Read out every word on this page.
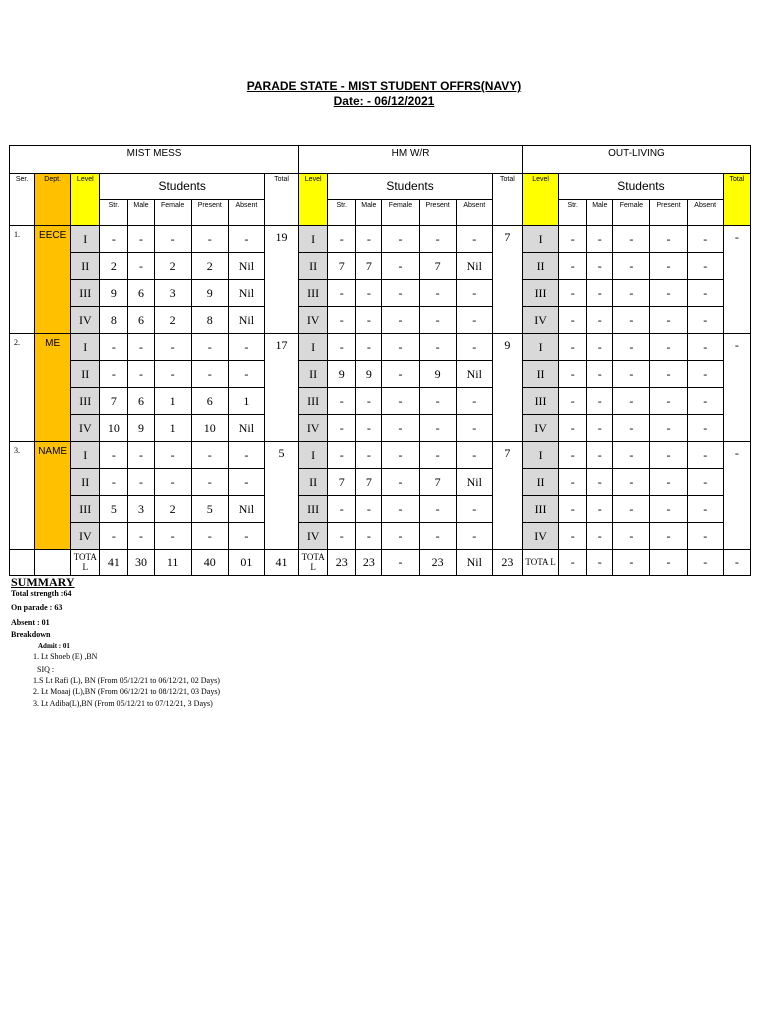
PARADE STATE - MIST STUDENT OFFRS(NAVY)
Date: - 06/12/2021
MIST MESS									HM W/R							OUT-LIVING						
Ser.	Dept.	Level	Students					Total	Level	Students					Total	Level	Students					Total
			Str.	Male	Female	Present	Absent			Str.	Male	Female	Present	Absent			Str.	Male	Female	Present	Absent	
1.	EECE	I	-	-	-	-	-	19	I	-	-	-	-	-	7	I	-	-	-	-	-	-
		II	2	-	2	2	Nil		II	7	7	-	7	Nil		II	-	-	-	-	-	
		III	9	6	3	9	Nil		III	-	-	-	-	-		III	-	-	-	-	-	
		IV	8	6	2	8	Nil		IV	-	-	-	-	-		IV	-	-	-	-	-	
2.	ME	I	-	-	-	-	-	17	I	-	-	-	-	-	9	I	-	-	-	-	-	-
		II	-	-	-	-	-		II	9	9	-	9	Nil		II	-	-	-	-	-	
		III	7	6	1	6	1		III	-	-	-	-	-		III	-	-	-	-	-	
		IV	10	9	1	10	Nil		IV	-	-	-	-	-		IV	-	-	-	-	-	
3.	NAME	I	-	-	-	-	-	5	I	-	-	-	-	-	7	I	-	-	-	-	-	-
		II	-	-	-	-	-		II	7	7	-	7	Nil		II	-	-	-	-	-	
		III	5	3	2	5	Nil		III	-	-	-	-	-		III	-	-	-	-	-	
		IV	-	-	-	-	-		IV	-	-	-	-	-		IV	-	-	-	-	-	
		TOTA L	41	30	11	40	01	41	TOTA L	23	23	-	23	Nil	23	TOTA L	-	-	-	-	-	-
SUMMARY
Total strength :64
On parade : 63
Absent : 01
Breakdown
Admit : 01
1. Lt Shoeb (E) ,BN
SIQ :
1.S Lt Rafi (L), BN (From 05/12/21 to 06/12/21, 02 Days)
2. Lt Moaaj (L),BN (From 06/12/21 to 08/12/21, 03 Days)
3. Lt Adiba(L),BN (From 05/12/21 to 07/12/21, 3 Days)
